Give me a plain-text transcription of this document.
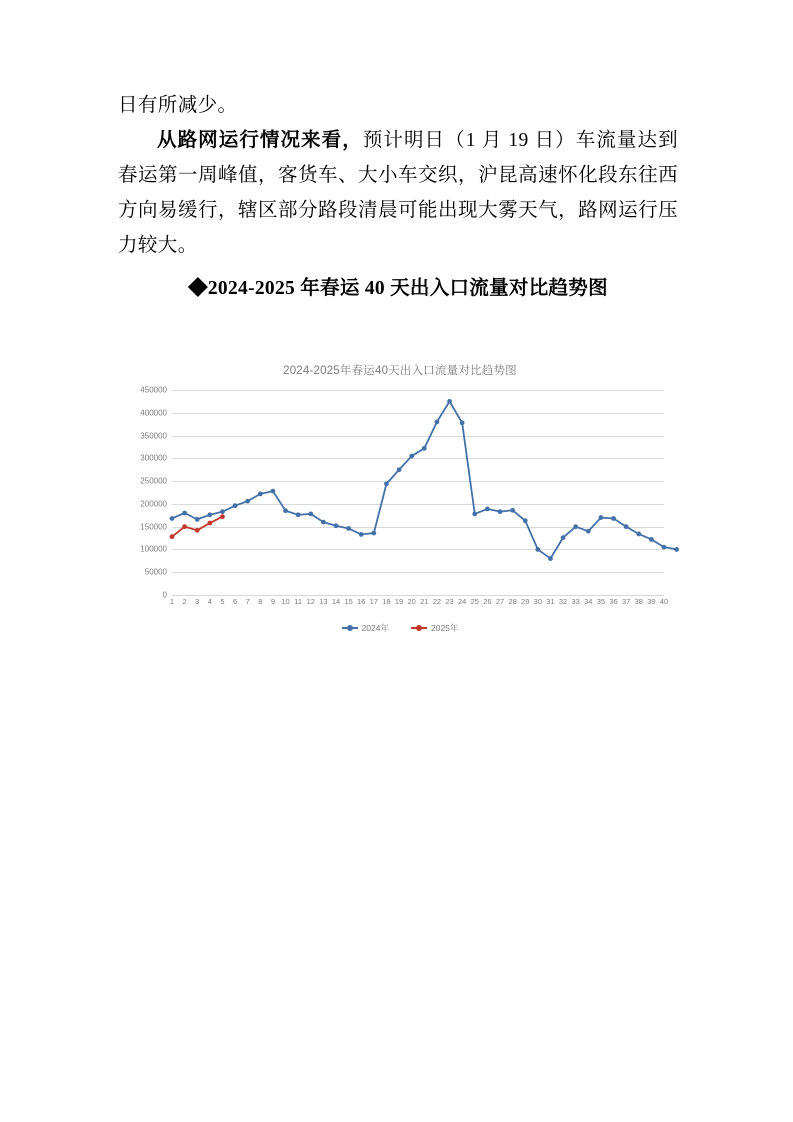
日有所减少。

从路网运行情况来看，预计明日（1 月 19 日）车流量达到春运第一周峰值，客货车、大小车交织，沪昆高速怀化段东往西方向易缓行，辖区部分路段清晨可能出现大雾天气，路网运行压力较大。

◆2024-2025 年春运 40 天出入口流量对比趋势图

2024-2025年春运40天出入口流量对比趋势图
0
50000
100000
150000
200000
250000
300000
350000
400000
450000
1 2 3 4 5 6 7 8 9 10 11 12 13 14 15 16 17 18 19 20 21 22 23 24 25 26 27 28 29 30 31 32 33 34 35 36 37 38 39 40
2024年	2025年
